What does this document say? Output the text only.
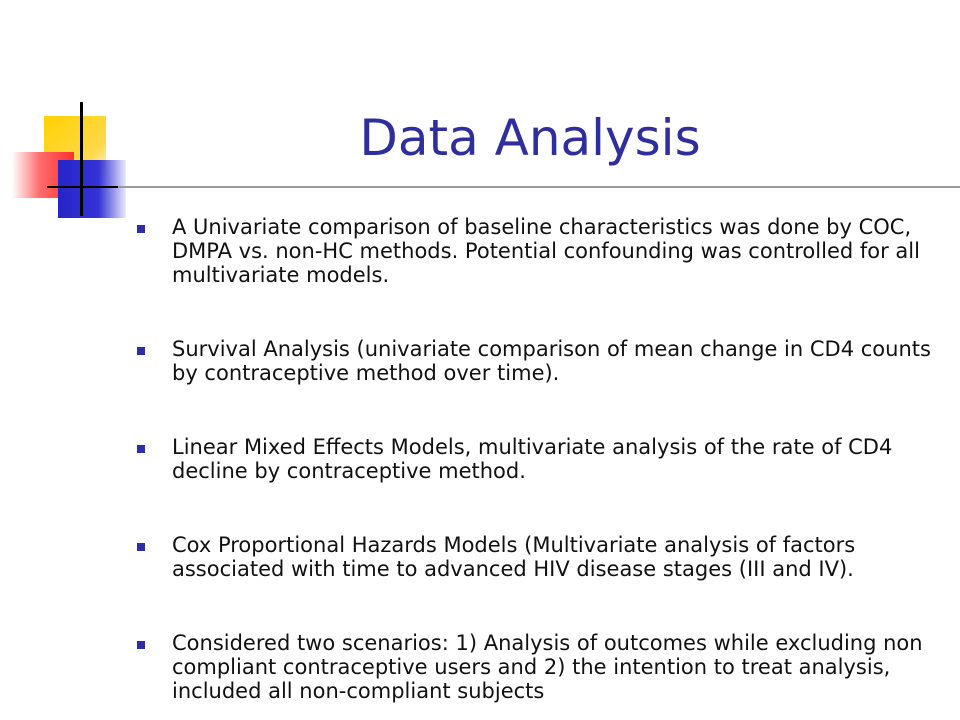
Data Analysis
A Univariate comparison of baseline characteristics was done by COC, DMPA vs. non-HC methods. Potential confounding was controlled for all multivariate models.
Survival Analysis (univariate comparison of mean change in CD4 counts by contraceptive method over time).
Linear Mixed Effects Models, multivariate analysis of the rate of CD4 decline by contraceptive method.
Cox Proportional Hazards Models (Multivariate analysis of factors associated with time to advanced HIV disease stages (III and IV).
Considered two scenarios: 1) Analysis of outcomes while excluding non compliant contraceptive users and 2) the intention to treat analysis, included all non-compliant subjects
